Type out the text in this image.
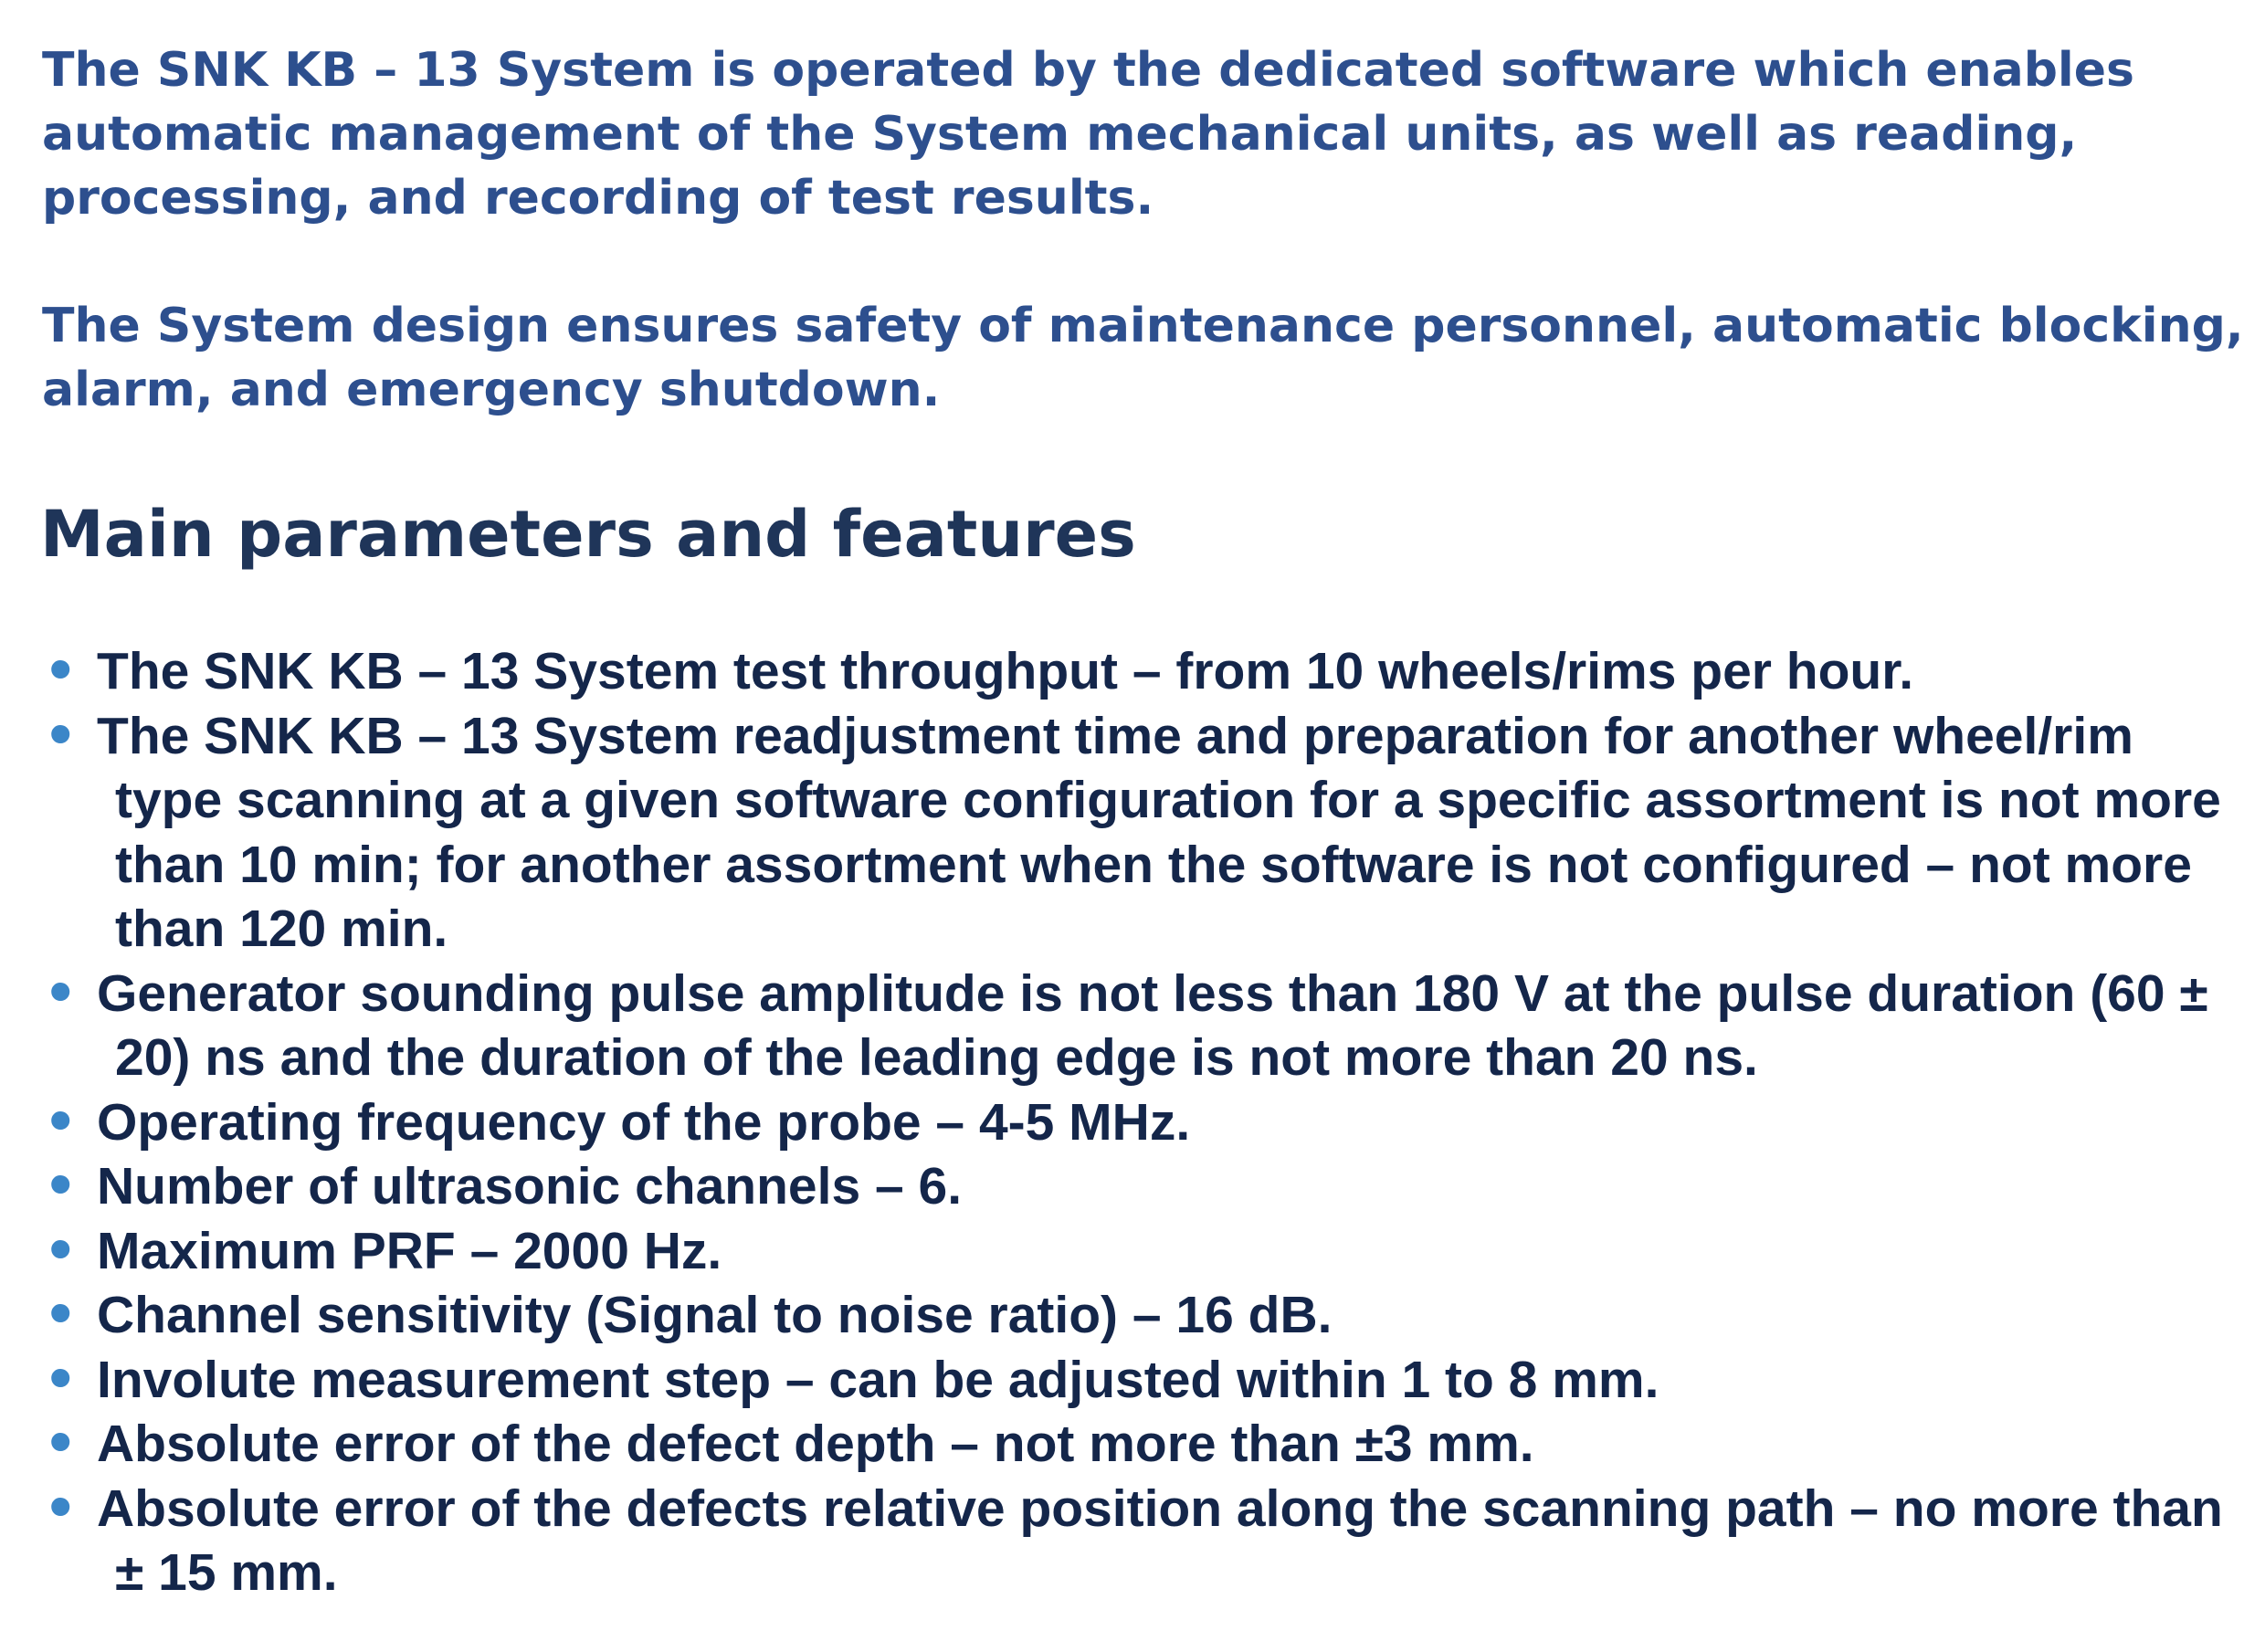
The SNK KB – 13 System is operated by the dedicated software which enables automatic management of the System mechanical units, as well as reading, processing, and recording of test results.

The System design ensures safety of maintenance personnel, automatic blocking, alarm, and emergency shutdown.

Main parameters and features
• The SNK KB – 13 System test throughput – from 10 wheels/rims per hour.
• The SNK KB – 13 System readjustment time and preparation for another wheel/rim type scanning at a given software configuration for a specific assortment is not more than 10 min; for another assortment when the software is not configured – not more than 120 min.
• Generator sounding pulse amplitude is not less than 180 V at the pulse duration (60 ± 20) ns and the duration of the leading edge is not more than 20 ns.
• Operating frequency of the probe – 4-5 MHz.
• Number of ultrasonic channels – 6.
• Maximum PRF – 2000 Hz.
• Channel sensitivity (Signal to noise ratio) – 16 dB.
• Involute measurement step – can be adjusted within 1 to 8 mm.
• Absolute error of the defect depth – not more than ±3 mm.
• Absolute error of the defects relative position along the scanning path – no more than ± 15 mm.
